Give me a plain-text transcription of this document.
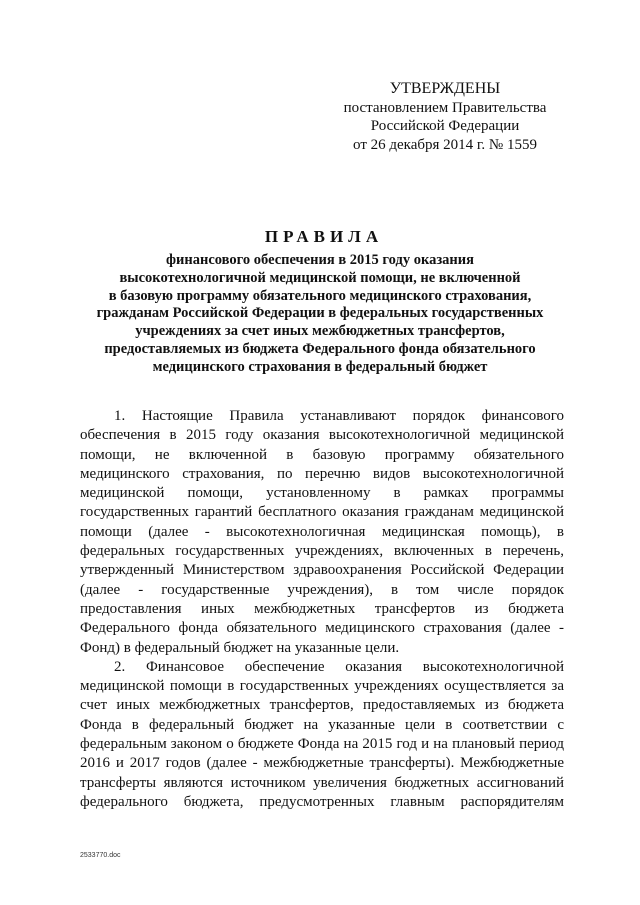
УТВЕРЖДЕНЫ
постановлением Правительства
Российской Федерации
от 26 декабря 2014 г. № 1559
ПРАВИЛА
финансового обеспечения в 2015 году оказания
высокотехнологичной медицинской помощи, не включенной
в базовую программу обязательного медицинского страхования,
гражданам Российской Федерации в федеральных государственных
учреждениях за счет иных межбюджетных трансфертов,
предоставляемых из бюджета Федерального фонда обязательного
медицинского страхования в федеральный бюджет
1. Настоящие Правила устанавливают порядок финансового
обеспечения в 2015 году оказания высокотехнологичной медицинской
помощи, не включенной в базовую программу обязательного
медицинского страхования, по перечню видов высокотехнологичной
медицинской помощи, установленному в рамках программы
государственных гарантий бесплатного оказания гражданам медицинской
помощи (далее - высокотехнологичная медицинская помощь), в
федеральных государственных учреждениях, включенных в перечень,
утвержденный Министерством здравоохранения Российской Федерации
(далее - государственные учреждения), в том числе порядок
предоставления иных межбюджетных трансфертов из бюджета
Федерального фонда обязательного медицинского страхования (далее -
Фонд) в федеральный бюджет на указанные цели.
2. Финансовое обеспечение оказания высокотехнологичной
медицинской помощи в государственных учреждениях осуществляется за
счет иных межбюджетных трансфертов, предоставляемых из бюджета
Фонда в федеральный бюджет на указанные цели в соответствии с
федеральным законом о бюджете Фонда на 2015 год и на плановый период
2016 и 2017 годов (далее - межбюджетные трансферты). Межбюджетные
трансферты являются источником увеличения бюджетных ассигнований
федерального бюджета, предусмотренных главным распорядителям
2533770.doc
